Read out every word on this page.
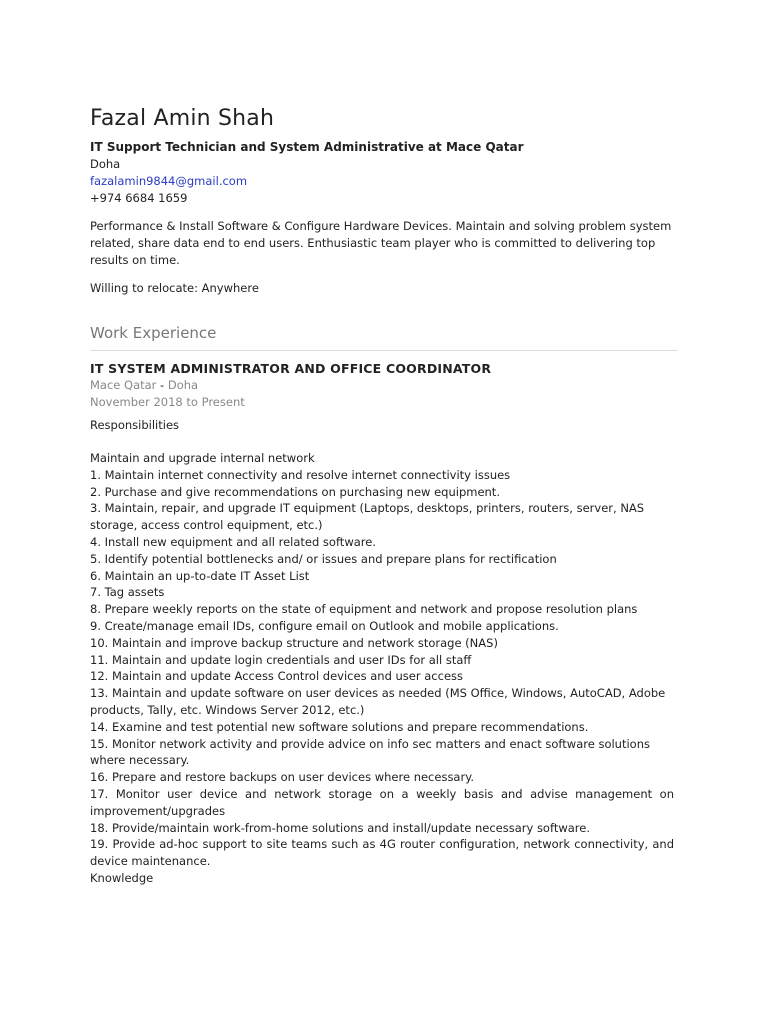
Fazal Amin Shah
IT Support Technician and System Administrative at Mace Qatar
Doha
fazalamin9844@gmail.com
+974 6684 1659

Performance & Install Software & Configure Hardware Devices. Maintain and solving problem system related, share data end to end users. Enthusiastic team player who is committed to delivering top results on time.

Willing to relocate: Anywhere

Work Experience
IT SYSTEM ADMINISTRATOR AND OFFICE COORDINATOR
Mace Qatar - Doha
November 2018 to Present

Responsibilities

Maintain and upgrade internal network

1. Maintain internet connectivity and resolve internet connectivity issues

2. Purchase and give recommendations on purchasing new equipment.

3. Maintain, repair, and upgrade IT equipment (Laptops, desktops, printers, routers, server, NAS storage, access control equipment, etc.)

4. Install new equipment and all related software.

5. Identify potential bottlenecks and/ or issues and prepare plans for rectification

6. Maintain an up-to-date IT Asset List

7. Tag assets

8. Prepare weekly reports on the state of equipment and network and propose resolution plans

9. Create/manage email IDs, configure email on Outlook and mobile applications.

10. Maintain and improve backup structure and network storage (NAS)

11. Maintain and update login credentials and user IDs for all staff

12. Maintain and update Access Control devices and user access

13. Maintain and update software on user devices as needed (MS Office, Windows, AutoCAD, Adobe products, Tally, etc. Windows Server 2012, etc.)

14. Examine and test potential new software solutions and prepare recommendations.

15. Monitor network activity and provide advice on info sec matters and enact software solutions where necessary.

16. Prepare and restore backups on user devices where necessary.

17. Monitor user device and network storage on a weekly basis and advise management on improvement/upgrades

18. Provide/maintain work-from-home solutions and install/update necessary software.

19. Provide ad-hoc support to site teams such as 4G router configuration, network connectivity, and device maintenance.

Knowledge
